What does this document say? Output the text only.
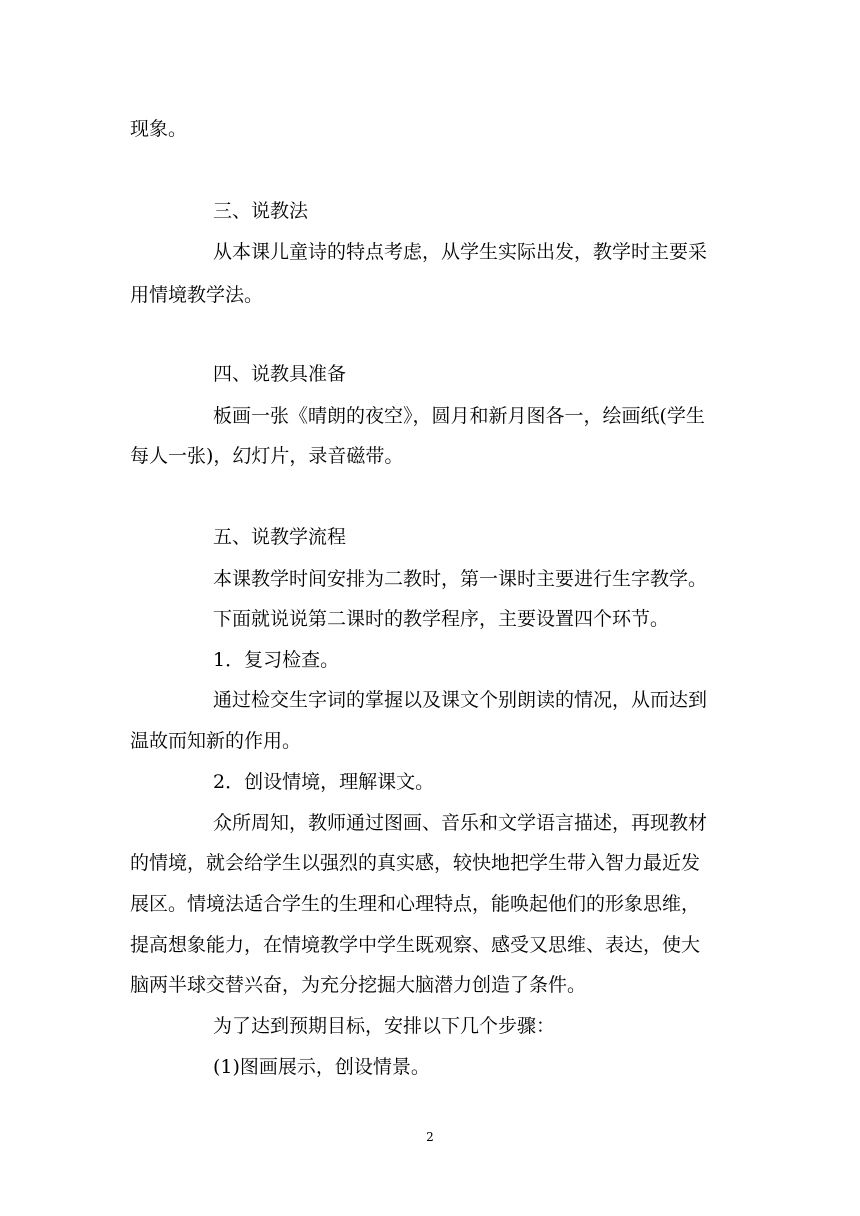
现象。
三、说教法
从本课儿童诗的特点考虑，从学生实际出发，教学时主要采
用情境教学法。
四、说教具准备
板画一张《晴朗的夜空》，圆月和新月图各一，绘画纸(学生
每人一张)，幻灯片，录音磁带。
五、说教学流程
本课教学时间安排为二教时，第一课时主要进行生字教学。
下面就说说第二课时的教学程序，主要设置四个环节。
1．复习检查。
通过检交生字词的掌握以及课文个别朗读的情况，从而达到
温故而知新的作用。
2．创设情境，理解课文。
众所周知，教师通过图画、音乐和文学语言描述，再现教材
的情境，就会给学生以强烈的真实感，较快地把学生带入智力最近发
展区。情境法适合学生的生理和心理特点，能唤起他们的形象思维，
提高想象能力，在情境教学中学生既观察、感受又思维、表达，使大
脑两半球交替兴奋，为充分挖掘大脑潜力创造了条件。
为了达到预期目标，安排以下几个步骤：
(1)图画展示，创设情景。
2
